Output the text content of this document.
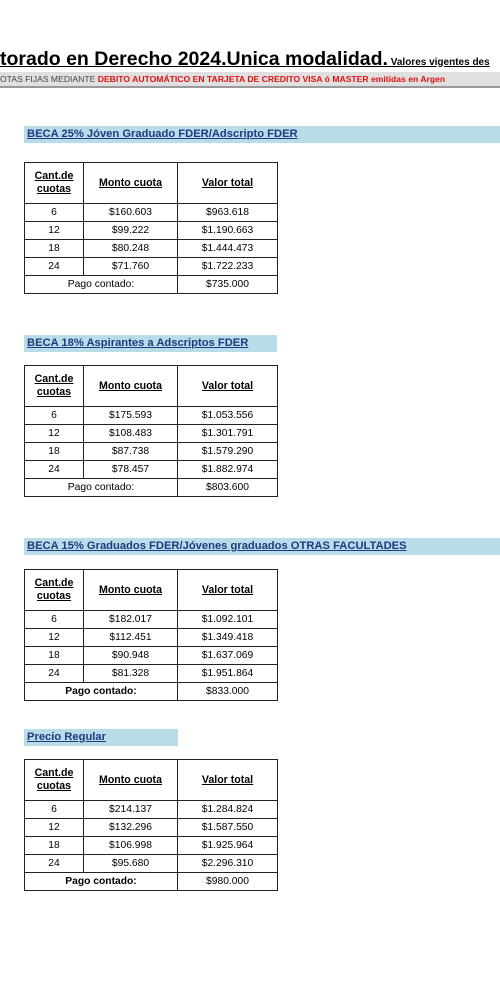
torado en Derecho 2024.Unica modalidad. Valores vigentes des
OTAS FIJAS MEDIANTE DEBITO AUTOMÁTICO EN TARJETA DE CREDITO VISA ó MASTER emitidas en Argen
BECA 25% Jóven Graduado FDER/Adscripto FDER
Cant.de
cuotas	Monto cuota	Valor total
6	$160.603	$963.618
12	$99.222	$1.190.663
18	$80.248	$1.444.473
24	$71.760	$1.722.233
Pago contado:		$735.000
BECA 18% Aspirantes a Adscriptos FDER
Cant.de
cuotas	Monto cuota	Valor total
6	$175.593	$1.053.556
12	$108.483	$1.301.791
18	$87.738	$1.579.290
24	$78.457	$1.882.974
Pago contado:		$803.600
BECA 15% Graduados FDER/Jóvenes graduados OTRAS FACULTADES
Cant.de
cuotas	Monto cuota	Valor total
6	$182.017	$1.092.101
12	$112.451	$1.349.418
18	$90.948	$1.637.069
24	$81.328	$1.951.864
Pago contado:		$833.000
Precio Regular
Cant.de
cuotas	Monto cuota	Valor total
6	$214.137	$1.284.824
12	$132.296	$1.587.550
18	$106.998	$1.925.964
24	$95.680	$2.296.310
Pago contado:		$980.000
